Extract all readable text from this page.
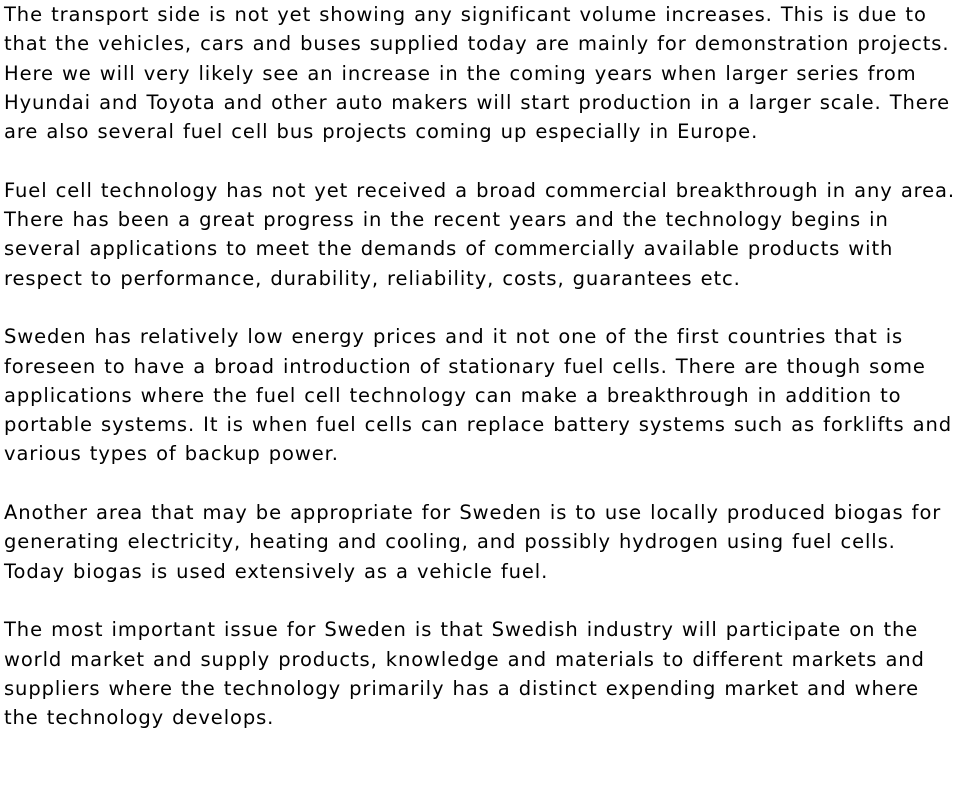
The transport side is not yet showing any significant volume increases. This is due to that the vehicles, cars and buses supplied today are mainly for demonstration projects. Here we will very likely see an increase in the coming years when larger series from Hyundai and Toyota and other auto makers will start production in a larger scale. There are also several fuel cell bus projects coming up especially in Europe.

Fuel cell technology has not yet received a broad commercial breakthrough in any area. There has been a great progress in the recent years and the technology begins in several applications to meet the demands of commercially available products with respect to performance, durability, reliability, costs, guarantees etc.

Sweden has relatively low energy prices and it not one of the first countries that is foreseen to have a broad introduction of stationary fuel cells. There are though some applications where the fuel cell technology can make a breakthrough in addition to portable systems. It is when fuel cells can replace battery systems such as forklifts and various types of backup power.

Another area that may be appropriate for Sweden is to use locally produced biogas for generating electricity, heating and cooling, and possibly hydrogen using fuel cells. Today biogas is used extensively as a vehicle fuel.

The most important issue for Sweden is that Swedish industry will participate on the world market and supply products, knowledge and materials to different markets and suppliers where the technology primarily has a distinct expending market and where the technology develops.
